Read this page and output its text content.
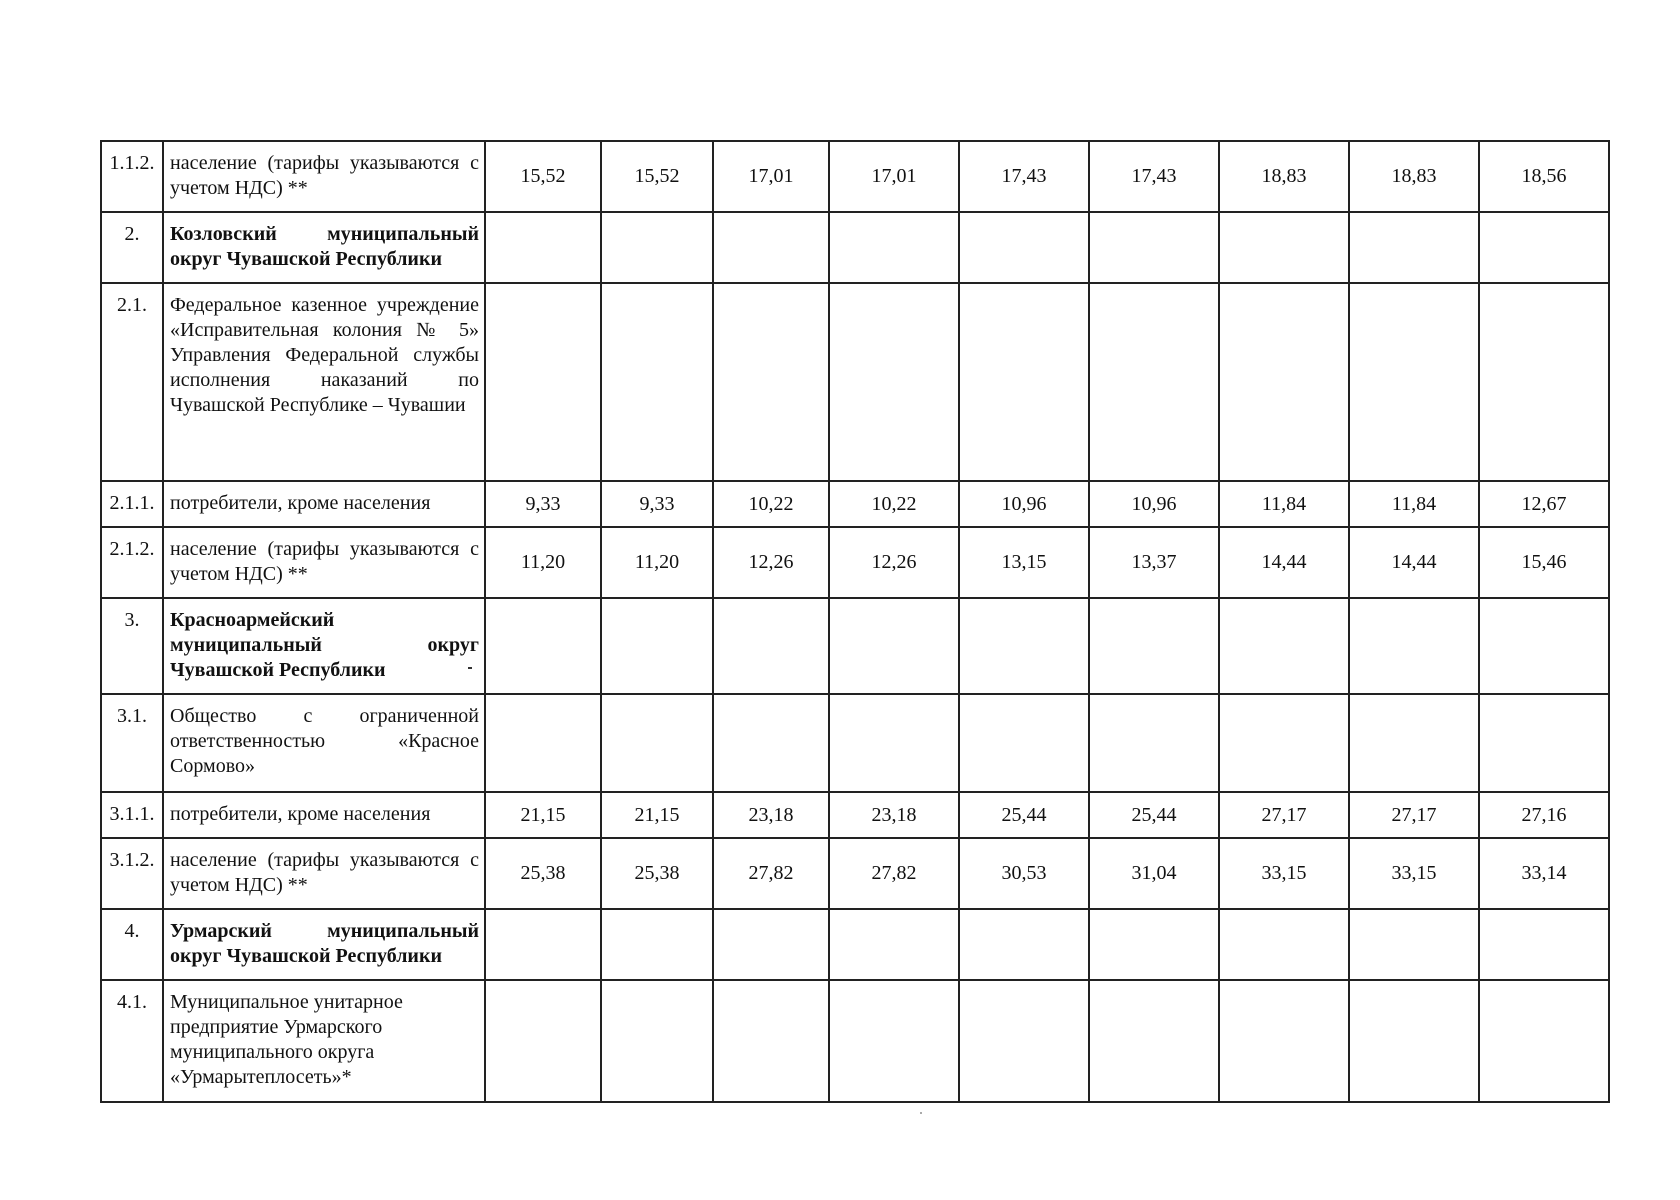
1.1.2.	население (тарифы указываются с учетом НДС) **	15,52	15,52	17,01	17,01	17,43	17,43	18,83	18,83	18,56
2.	Козловский муниципальный округ Чувашской Республики									
2.1.	Федеральное казенное учреждение «Исправительная колония № 5» Управления Федеральной службы исполнения наказаний по Чувашской Республике – Чувашии									
2.1.1.	потребители, кроме населения	9,33	9,33	10,22	10,22	10,96	10,96	11,84	11,84	12,67
2.1.2.	население (тарифы указываются с учетом НДС) **	11,20	11,20	12,26	12,26	13,15	13,37	14,44	14,44	15,46
3.	Красноармейский муниципальный округ Чувашской Республики									
3.1.	Общество с ограниченной ответственностью «Красное Сормово»									
3.1.1.	потребители, кроме населения	21,15	21,15	23,18	23,18	25,44	25,44	27,17	27,17	27,16
3.1.2.	население (тарифы указываются с учетом НДС) **	25,38	25,38	27,82	27,82	30,53	31,04	33,15	33,15	33,14
4.	Урмарский муниципальный округ Чувашской Республики									
4.1.	Муниципальное унитарное предприятие Урмарского муниципального округа «Урмарытеплосеть»*									
